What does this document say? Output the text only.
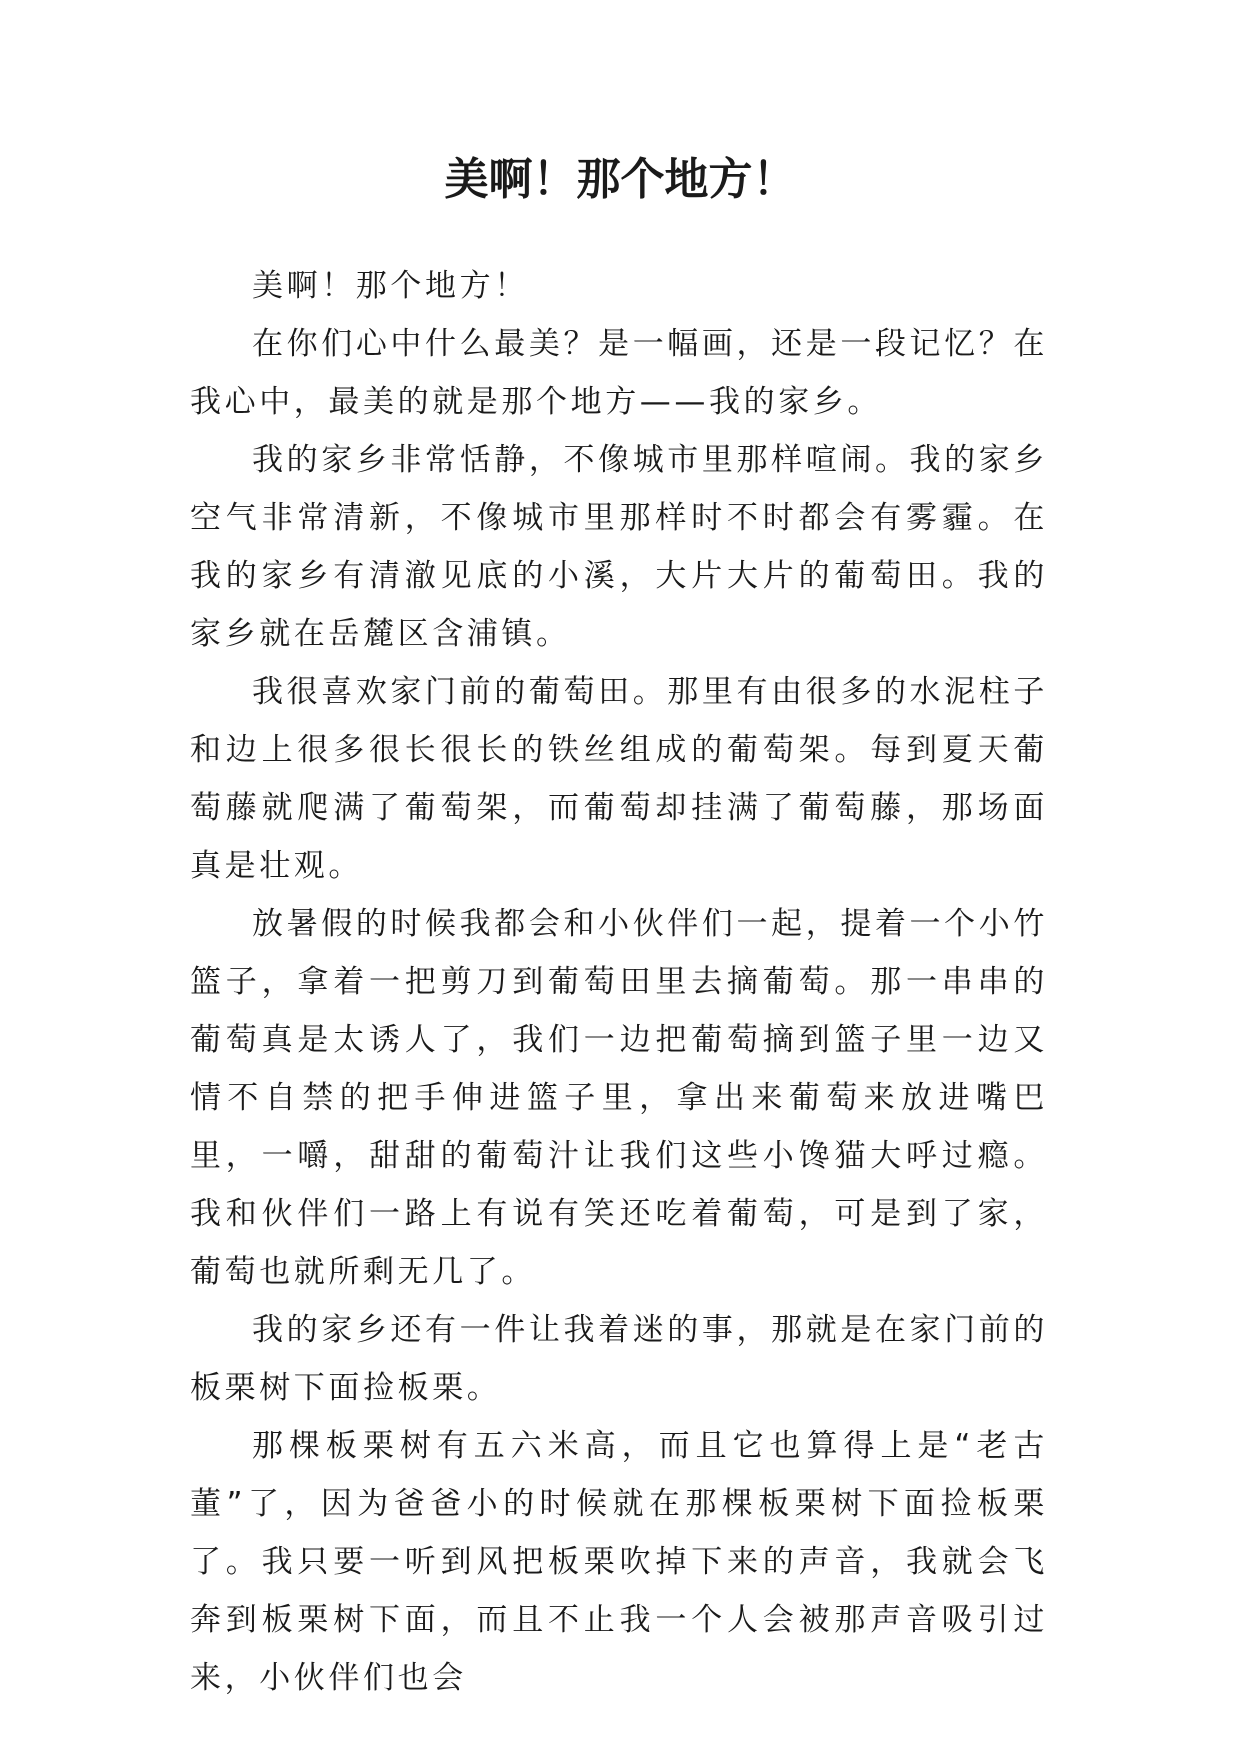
美啊！那个地方！

美啊！那个地方！

在你们心中什么最美？是一幅画，还是一段记忆？在我心中，最美的就是那个地方——我的家乡。

我的家乡非常恬静，不像城市里那样喧闹。我的家乡空气非常清新，不像城市里那样时不时都会有雾霾。在我的家乡有清澈见底的小溪，大片大片的葡萄田。我的家乡就在岳麓区含浦镇。

我很喜欢家门前的葡萄田。那里有由很多的水泥柱子和边上很多很长很长的铁丝组成的葡萄架。每到夏天葡萄藤就爬满了葡萄架，而葡萄却挂满了葡萄藤，那场面真是壮观。

放暑假的时候我都会和小伙伴们一起，提着一个小竹篮子，拿着一把剪刀到葡萄田里去摘葡萄。那一串串的葡萄真是太诱人了，我们一边把葡萄摘到篮子里一边又情不自禁的把手伸进篮子里，拿出来葡萄来放进嘴巴里，一嚼，甜甜的葡萄汁让我们这些小馋猫大呼过瘾。我和伙伴们一路上有说有笑还吃着葡萄，可是到了家，葡萄也就所剩无几了。

我的家乡还有一件让我着迷的事，那就是在家门前的板栗树下面捡板栗。

那棵板栗树有五六米高，而且它也算得上是“老古董”了，因为爸爸小的时候就在那棵板栗树下面捡板栗了。我只要一听到风把板栗吹掉下来的声音，我就会飞奔到板栗树下面，而且不止我一个人会被那声音吸引过来，小伙伴们也会
